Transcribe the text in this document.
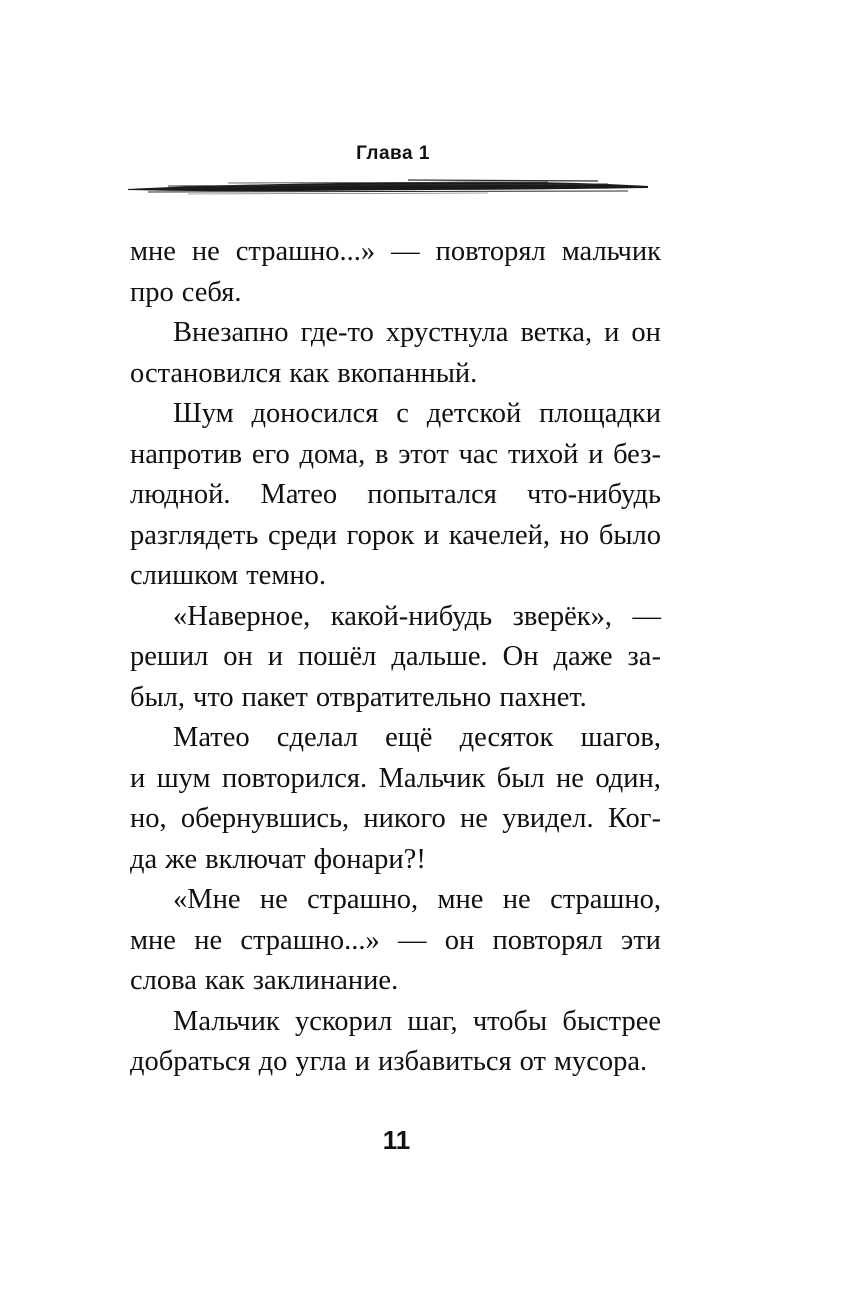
Глава 1
мне не страшно...» — повторял мальчик
про себя.
Внезапно где-то хрустнула ветка, и он
остановился как вкопанный.
Шум доносился с детской площадки
напротив его дома, в этот час тихой и без-
людной. Матео попытался что-нибудь
разглядеть среди горок и качелей, но было
слишком темно.
«Наверное, какой-нибудь зверёк», —
решил он и пошёл дальше. Он даже за-
был, что пакет отвратительно пахнет.
Матео сделал ещё десяток шагов,
и шум повторился. Мальчик был не один,
но, обернувшись, никого не увидел. Ког-
да же включат фонари?!
«Мне не страшно, мне не страшно,
мне не страшно...» — он повторял эти
слова как заклинание.
Мальчик ускорил шаг, чтобы быстрее
добраться до угла и избавиться от мусора.
11
